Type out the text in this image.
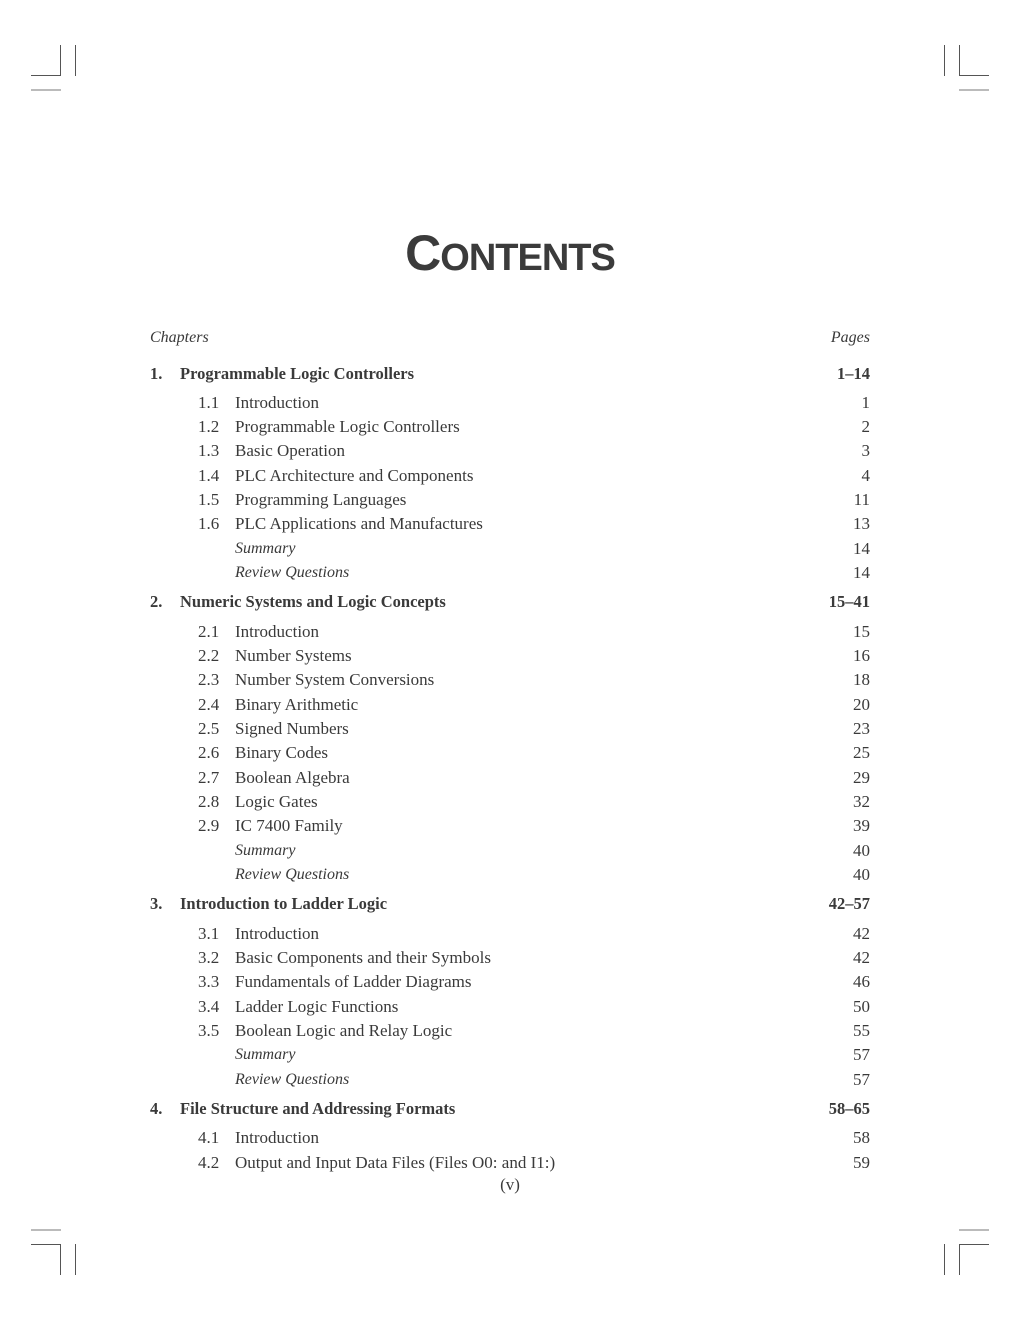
CONTENTS
Chapters	Pages
1. Programmable Logic Controllers	1–14
1.1 Introduction	1
1.2 Programmable Logic Controllers	2
1.3 Basic Operation	3
1.4 PLC Architecture and Components	4
1.5 Programming Languages	11
1.6 PLC Applications and Manufactures	13
Summary	14
Review Questions	14
2. Numeric Systems and Logic Concepts	15–41
2.1 Introduction	15
2.2 Number Systems	16
2.3 Number System Conversions	18
2.4 Binary Arithmetic	20
2.5 Signed Numbers	23
2.6 Binary Codes	25
2.7 Boolean Algebra	29
2.8 Logic Gates	32
2.9 IC 7400 Family	39
Summary	40
Review Questions	40
3. Introduction to Ladder Logic	42–57
3.1 Introduction	42
3.2 Basic Components and their Symbols	42
3.3 Fundamentals of Ladder Diagrams	46
3.4 Ladder Logic Functions	50
3.5 Boolean Logic and Relay Logic	55
Summary	57
Review Questions	57
4. File Structure and Addressing Formats	58–65
4.1 Introduction	58
4.2 Output and Input Data Files (Files O0: and I1:)	59
(v)
